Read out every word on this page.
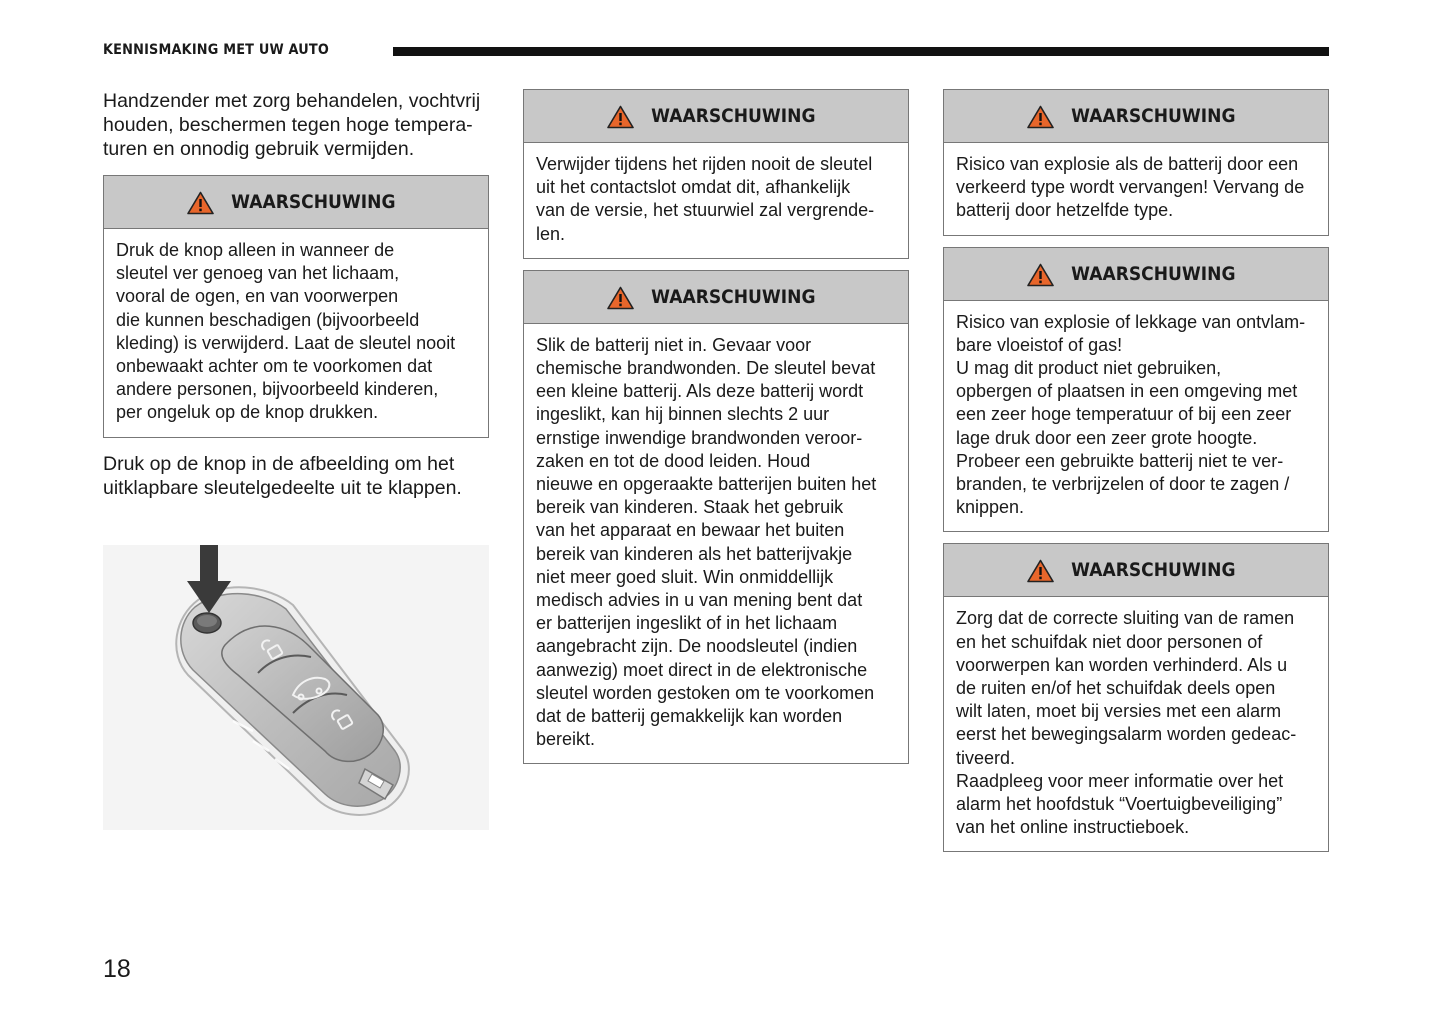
KENNISMAKING MET UW AUTO

Handzender met zorg behandelen, vochtvrij
houden, beschermen tegen hoge tempera-
turen en onnodig gebruik vermijden.

WAARSCHUWING
Druk de knop alleen in wanneer de
sleutel ver genoeg van het lichaam,
vooral de ogen, en van voorwerpen
die kunnen beschadigen (bijvoorbeeld
kleding) is verwijderd. Laat de sleutel nooit
onbewaakt achter om te voorkomen dat
andere personen, bijvoorbeeld kinderen,
per ongeluk op de knop drukken.

Druk op de knop in de afbeelding om het
uitklapbare sleutelgedeelte uit te klappen.

WAARSCHUWING
Verwijder tijdens het rijden nooit de sleutel
uit het contactslot omdat dit, afhankelijk
van de versie, het stuurwiel zal vergrende-
len.
WAARSCHUWING
Slik de batterij niet in. Gevaar voor
chemische brandwonden. De sleutel bevat
een kleine batterij. Als deze batterij wordt
ingeslikt, kan hij binnen slechts 2 uur
ernstige inwendige brandwonden veroor-
zaken en tot de dood leiden. Houd
nieuwe en opgeraakte batterijen buiten het
bereik van kinderen. Staak het gebruik
van het apparaat en bewaar het buiten
bereik van kinderen als het batterijvakje
niet meer goed sluit. Win onmiddellijk
medisch advies in u van mening bent dat
er batterijen ingeslikt of in het lichaam
aangebracht zijn. De noodsleutel (indien
aanwezig) moet direct in de elektronische
sleutel worden gestoken om te voorkomen
dat de batterij gemakkelijk kan worden
bereikt.
WAARSCHUWING
Risico van explosie als de batterij door een
verkeerd type wordt vervangen! Vervang de
batterij door hetzelfde type.
WAARSCHUWING
Risico van explosie of lekkage van ontvlam-
bare vloeistof of gas!
U mag dit product niet gebruiken,
opbergen of plaatsen in een omgeving met
een zeer hoge temperatuur of bij een zeer
lage druk door een zeer grote hoogte.
Probeer een gebruikte batterij niet te ver-
branden, te verbrijzelen of door te zagen /
knippen.
WAARSCHUWING
Zorg dat de correcte sluiting van de ramen
en het schuifdak niet door personen of
voorwerpen kan worden verhinderd. Als u
de ruiten en/of het schuifdak deels open
wilt laten, moet bij versies met een alarm
eerst het bewegingsalarm worden gedeac-
tiveerd.
Raadpleeg voor meer informatie over het
alarm het hoofdstuk “Voertuigbeveiliging”
van het online instructieboek.
18
